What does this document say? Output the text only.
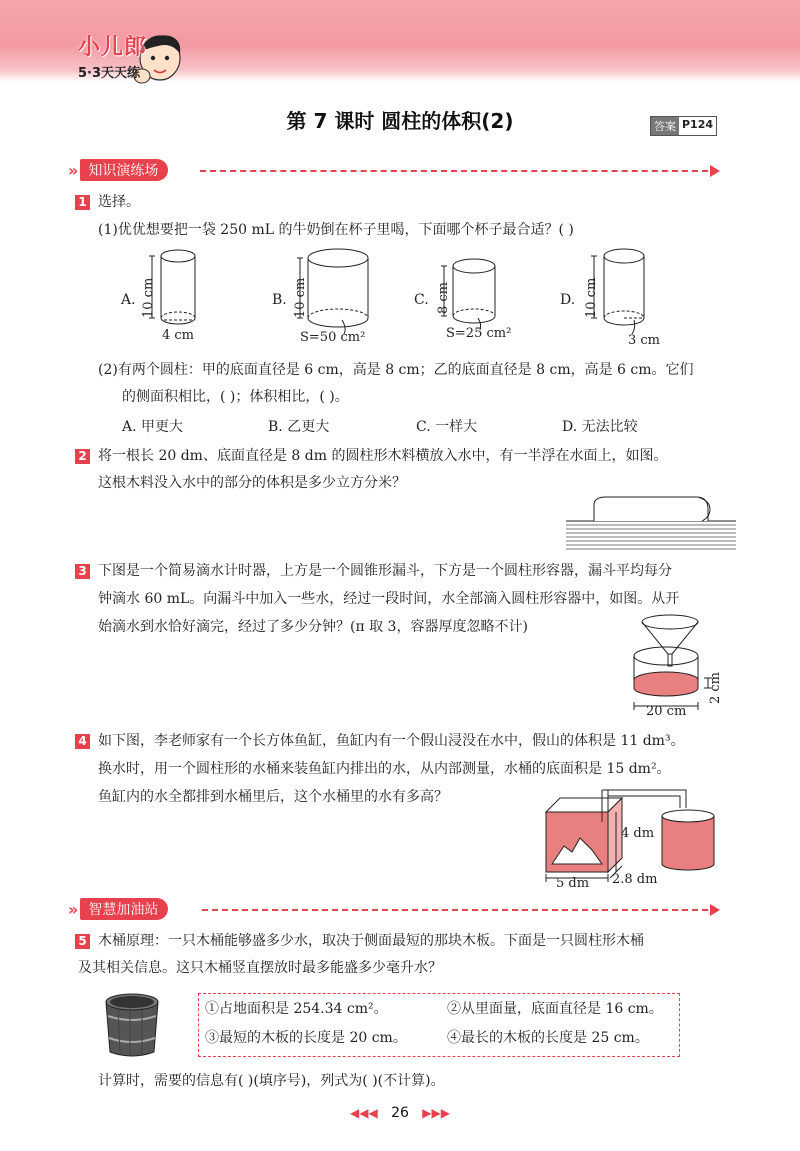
小儿郎
5·3天天练
第 7 课时 圆柱的体积(2)	答案 P124
» 知识演练场
1 选择。
(1)优优想要把一袋 250 mL 的牛奶倒在杯子里喝，下面哪个杯子最合适？( )
A. 10 cm
4 cm
B. 10 cm
S=50 cm²
C. 8 cm
S=25 cm²
D. 10 cm
3 cm
(2)有两个圆柱：甲的底面直径是 6 cm，高是 8 cm；乙的底面直径是 8 cm，高是 6 cm。它们
的侧面积相比，( )；体积相比，( )。
A. 甲更大	B. 乙更大	C. 一样大	D. 无法比较
2 将一根长 20 dm、底面直径是 8 dm 的圆柱形木料横放入水中，有一半浮在水面上，如图。
这根木料没入水中的部分的体积是多少立方分米？
3 下图是一个简易滴水计时器，上方是一个圆锥形漏斗，下方是一个圆柱形容器，漏斗平均每分
钟滴水 60 mL。向漏斗中加入一些水，经过一段时间，水全部滴入圆柱形容器中，如图。从开
始滴水到水恰好滴完，经过了多少分钟？(π 取 3，容器厚度忽略不计)
20 cm
2 cm
4 如下图，李老师家有一个长方体鱼缸，鱼缸内有一个假山浸没在水中，假山的体积是 11 dm³。
换水时，用一个圆柱形的水桶来装鱼缸内排出的水，从内部测量，水桶的底面积是 15 dm²。
鱼缸内的水全都排到水桶里后，这个水桶里的水有多高？
4 dm
5 dm 2.8 dm
» 智慧加油站
5 木桶原理：一只木桶能够盛多少水，取决于侧面最短的那块木板。下面是一只圆柱形木桶
及其相关信息。这只木桶竖直摆放时最多能盛多少毫升水？
①占地面积是 254.34 cm²。	②从里面量，底面直径是 16 cm。
③最短的木板的长度是 20 cm。	④最长的木板的长度是 25 cm。
计算时，需要的信息有( )(填序号)，列式为( )(不计算)。
◀◀◀ 26 ▶▶▶
